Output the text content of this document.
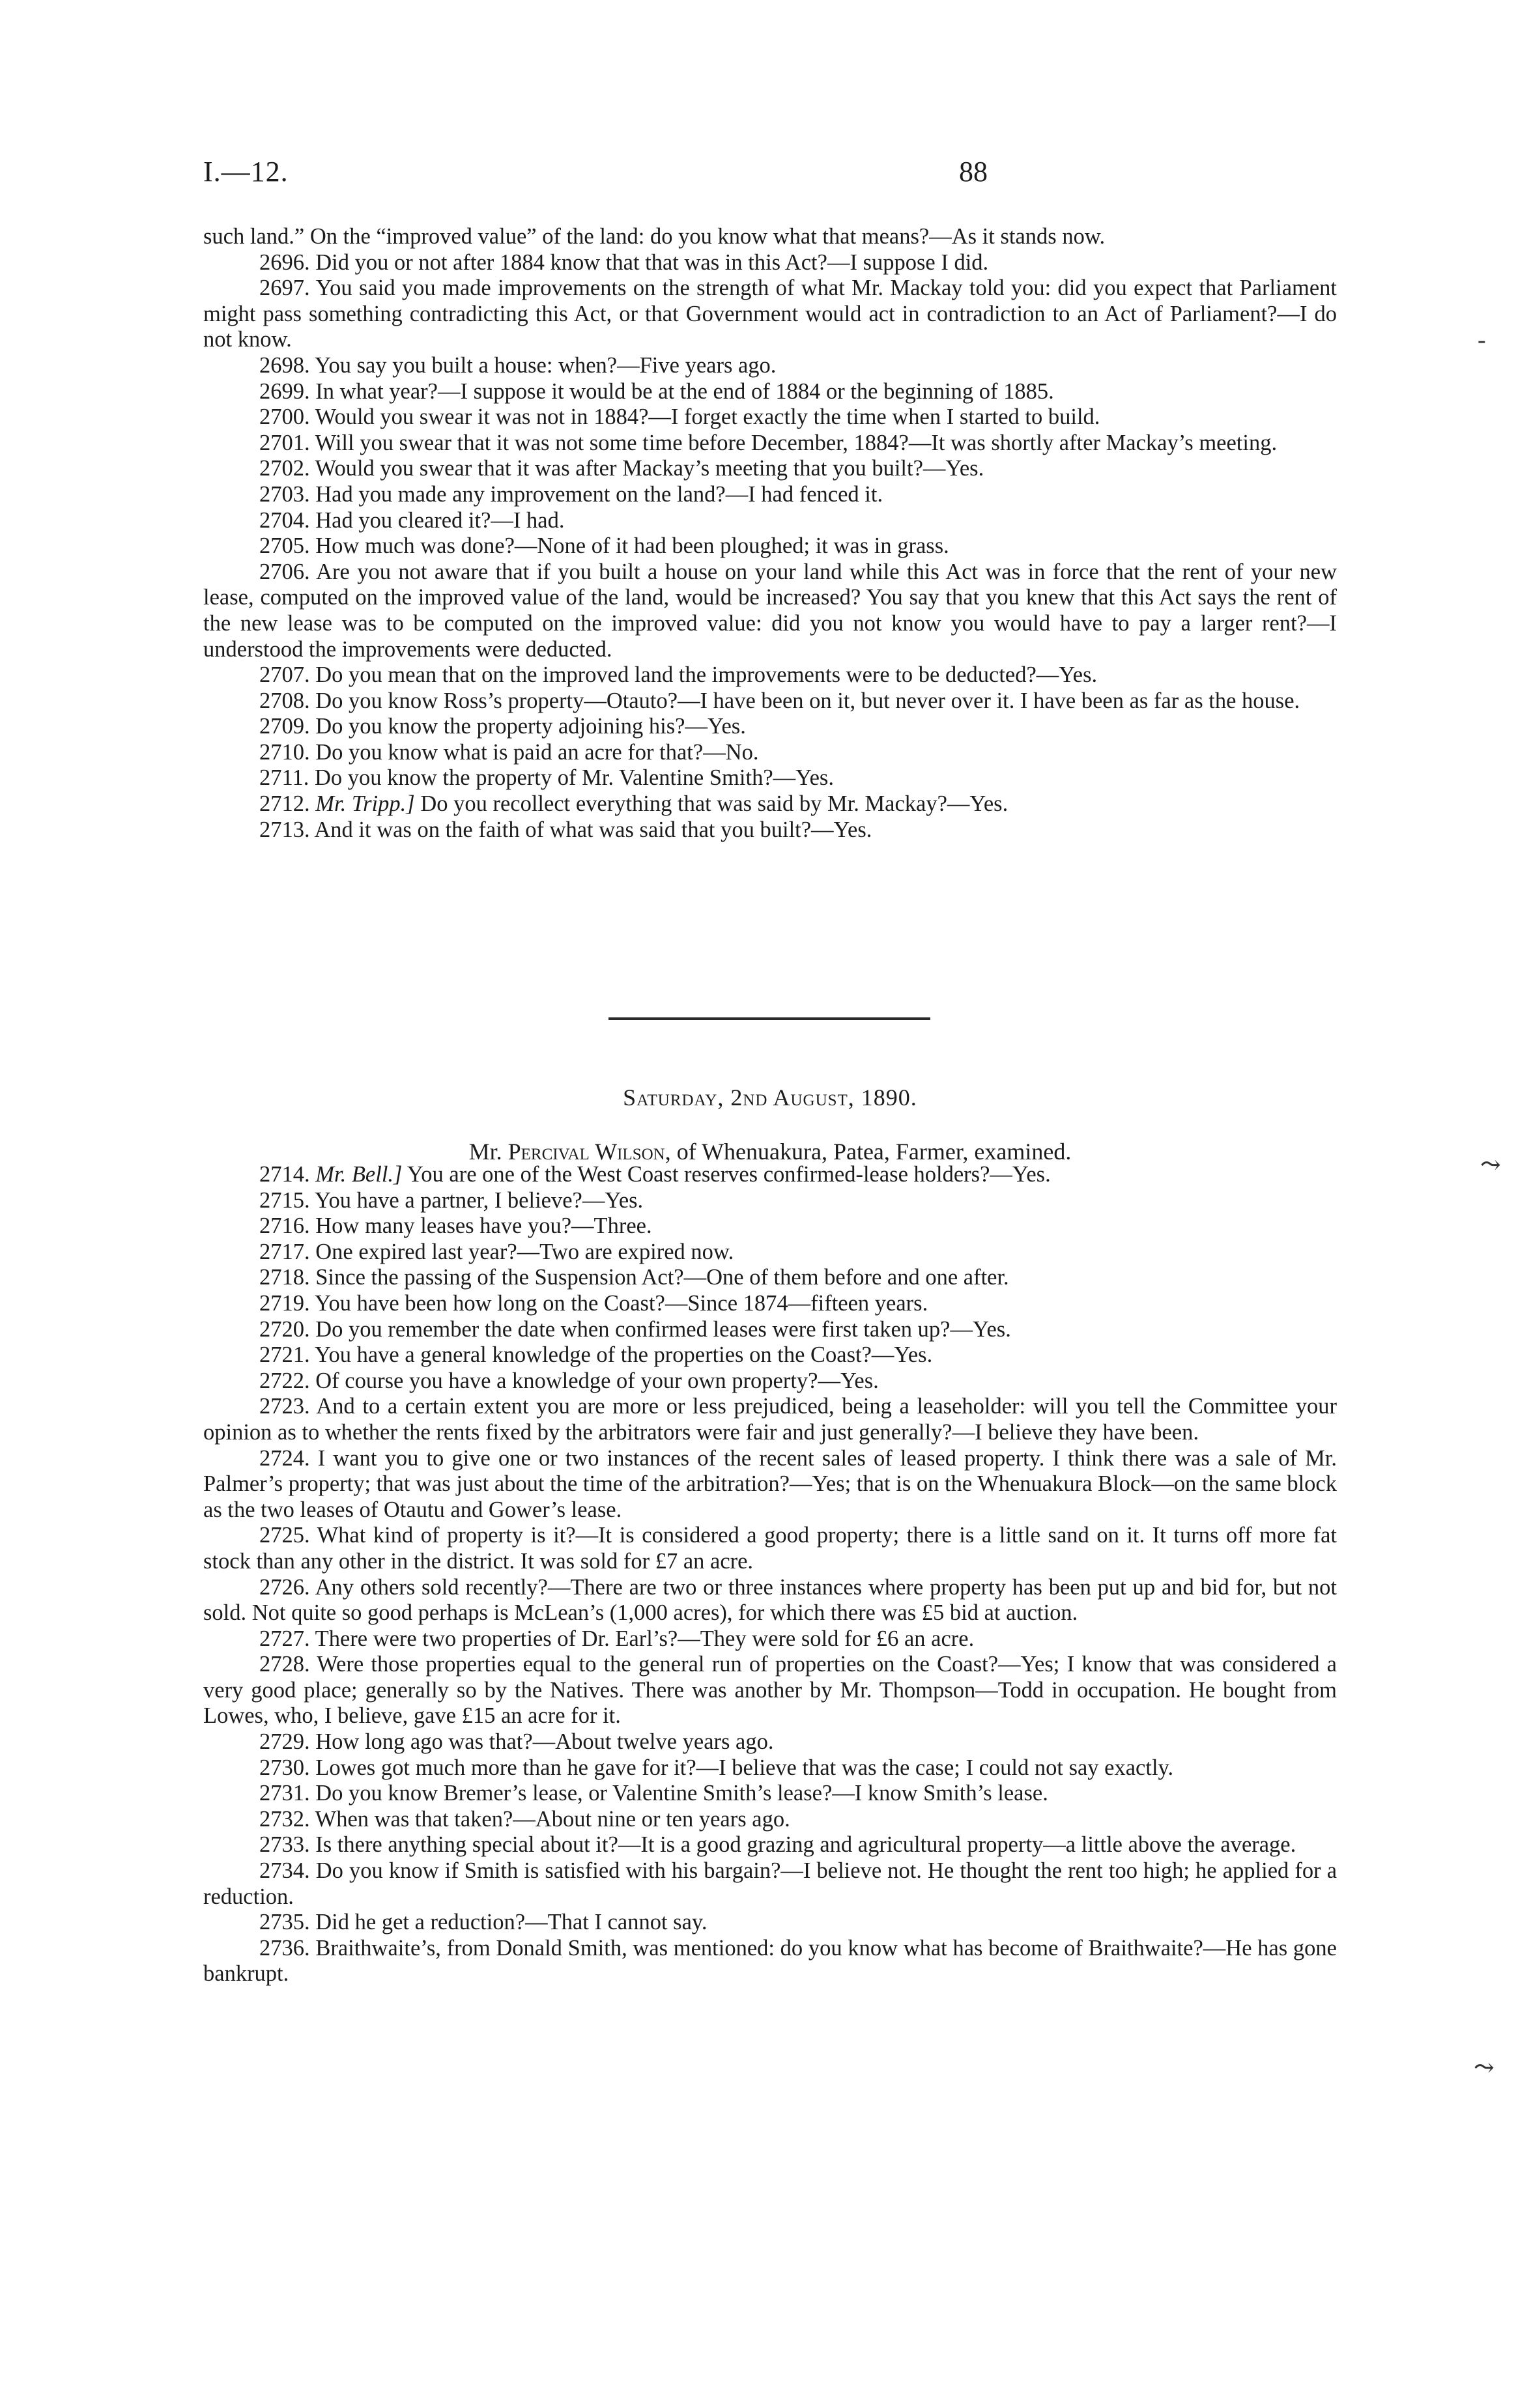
I.—12.	88

such land.” On the “improved value” of the land: do you know what that means?—As it stands now.

2696. Did you or not after 1884 know that that was in this Act?—I suppose I did.

2697. You said you made improvements on the strength of what Mr. Mackay told you: did you expect that Parliament might pass something contradicting this Act, or that Government would act in contradiction to an Act of Parliament?—I do not know.

2698. You say you built a house: when?—Five years ago.

2699. In what year?—I suppose it would be at the end of 1884 or the beginning of 1885.

2700. Would you swear it was not in 1884?—I forget exactly the time when I started to build.

2701. Will you swear that it was not some time before December, 1884?—It was shortly after Mackay’s meeting.

2702. Would you swear that it was after Mackay’s meeting that you built?—Yes.

2703. Had you made any improvement on the land?—I had fenced it.

2704. Had you cleared it?—I had.

2705. How much was done?—None of it had been ploughed; it was in grass.

2706. Are you not aware that if you built a house on your land while this Act was in force that the rent of your new lease, computed on the improved value of the land, would be increased? You say that you knew that this Act says the rent of the new lease was to be computed on the improved value: did you not know you would have to pay a larger rent?—I understood the improvements were deducted.

2707. Do you mean that on the improved land the improvements were to be deducted?—Yes.

2708. Do you know Ross’s property—Otauto?—I have been on it, but never over it. I have been as far as the house.

2709. Do you know the property adjoining his?—Yes.

2710. Do you know what is paid an acre for that?—No.

2711. Do you know the property of Mr. Valentine Smith?—Yes.

2712. Mr. Tripp.] Do you recollect everything that was said by Mr. Mackay?—Yes.

2713. And it was on the faith of what was said that you built?—Yes.

Saturday, 2nd August, 1890.
Mr. Percival Wilson, of Whenuakura, Patea, Farmer, examined.

2714. Mr. Bell.] You are one of the West Coast reserves confirmed-lease holders?—Yes.

2715. You have a partner, I believe?—Yes.

2716. How many leases have you?—Three.

2717. One expired last year?—Two are expired now.

2718. Since the passing of the Suspension Act?—One of them before and one after.

2719. You have been how long on the Coast?—Since 1874—fifteen years.

2720. Do you remember the date when confirmed leases were first taken up?—Yes.

2721. You have a general knowledge of the properties on the Coast?—Yes.

2722. Of course you have a knowledge of your own property?—Yes.

2723. And to a certain extent you are more or less prejudiced, being a leaseholder: will you tell the Committee your opinion as to whether the rents fixed by the arbitrators were fair and just generally?—I believe they have been.

2724. I want you to give one or two instances of the recent sales of leased property. I think there was a sale of Mr. Palmer’s property; that was just about the time of the arbitration?—Yes; that is on the Whenuakura Block—on the same block as the two leases of Otautu and Gower’s lease.

2725. What kind of property is it?—It is considered a good property; there is a little sand on it. It turns off more fat stock than any other in the district. It was sold for £7 an acre.

2726. Any others sold recently?—There are two or three instances where property has been put up and bid for, but not sold. Not quite so good perhaps is McLean’s (1,000 acres), for which there was £5 bid at auction.

2727. There were two properties of Dr. Earl’s?—They were sold for £6 an acre.

2728. Were those properties equal to the general run of properties on the Coast?—Yes; I know that was considered a very good place; generally so by the Natives. There was another by Mr. Thompson—Todd in occupation. He bought from Lowes, who, I believe, gave £15 an acre for it.

2729. How long ago was that?—About twelve years ago.

2730. Lowes got much more than he gave for it?—I believe that was the case; I could not say exactly.

2731. Do you know Bremer’s lease, or Valentine Smith’s lease?—I know Smith’s lease.

2732. When was that taken?—About nine or ten years ago.

2733. Is there anything special about it?—It is a good grazing and agricultural property—a little above the average.

2734. Do you know if Smith is satisfied with his bargain?—I believe not. He thought the rent too high; he applied for a reduction.

2735. Did he get a reduction?—That I cannot say.

2736. Braithwaite’s, from Donald Smith, was mentioned: do you know what has become of Braithwaite?—He has gone bankrupt.

‐
⤳
⤳
